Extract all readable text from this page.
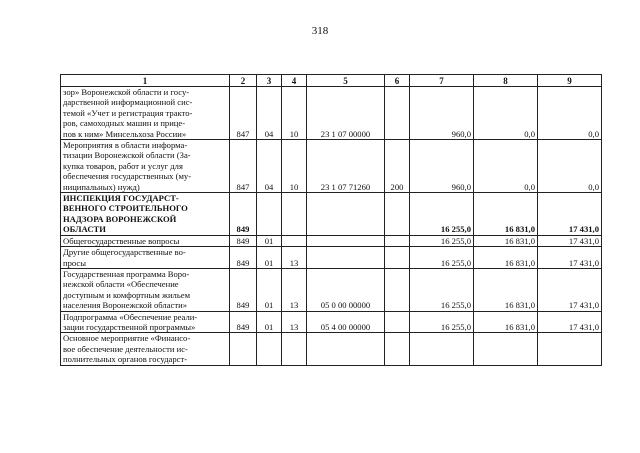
318
1	2	3	4	5	6	7	8	9

зор» Воронежской области и госу-
дарственной информационной сис-
темой «Учет и регистрация тракто-
ров, самоходных машин и прице-
пов к ним» Минсельхоза России»	847	04	10	23 1 07 00000		960,0	0,0	0,0

Мероприятия в области информа-
тизации Воронежской области (За-
купка товаров, работ и услуг для
обеспечения государственных (му-
ниципальных) нужд)	847	04	10	23 1 07 71260	200	960,0	0,0	0,0

ИНСПЕКЦИЯ ГОСУДАРСТ-
ВЕННОГО СТРОИТЕЛЬНОГО
НАДЗОРА ВОРОНЕЖСКОЙ
ОБЛАСТИ	849					16 255,0	16 831,0	17 431,0

Общегосударственные вопросы	849	01				16 255,0	16 831,0	17 431,0

Другие общегосударственные во-
просы	849	01	13			16 255,0	16 831,0	17 431,0

Государственная программа Воро-
нежской области «Обеспечение
доступным и комфортным жильем
населения Воронежской области»	849	01	13	05 0 00 00000		16 255,0	16 831,0	17 431,0

Подпрограмма «Обеспечение реали-
зации государственной программы»	849	01	13	05 4 00 00000		16 255,0	16 831,0	17 431,0

Основное мероприятие «Финансо-
вое обеспечение деятельности ис-
полнительных органов государст-								
